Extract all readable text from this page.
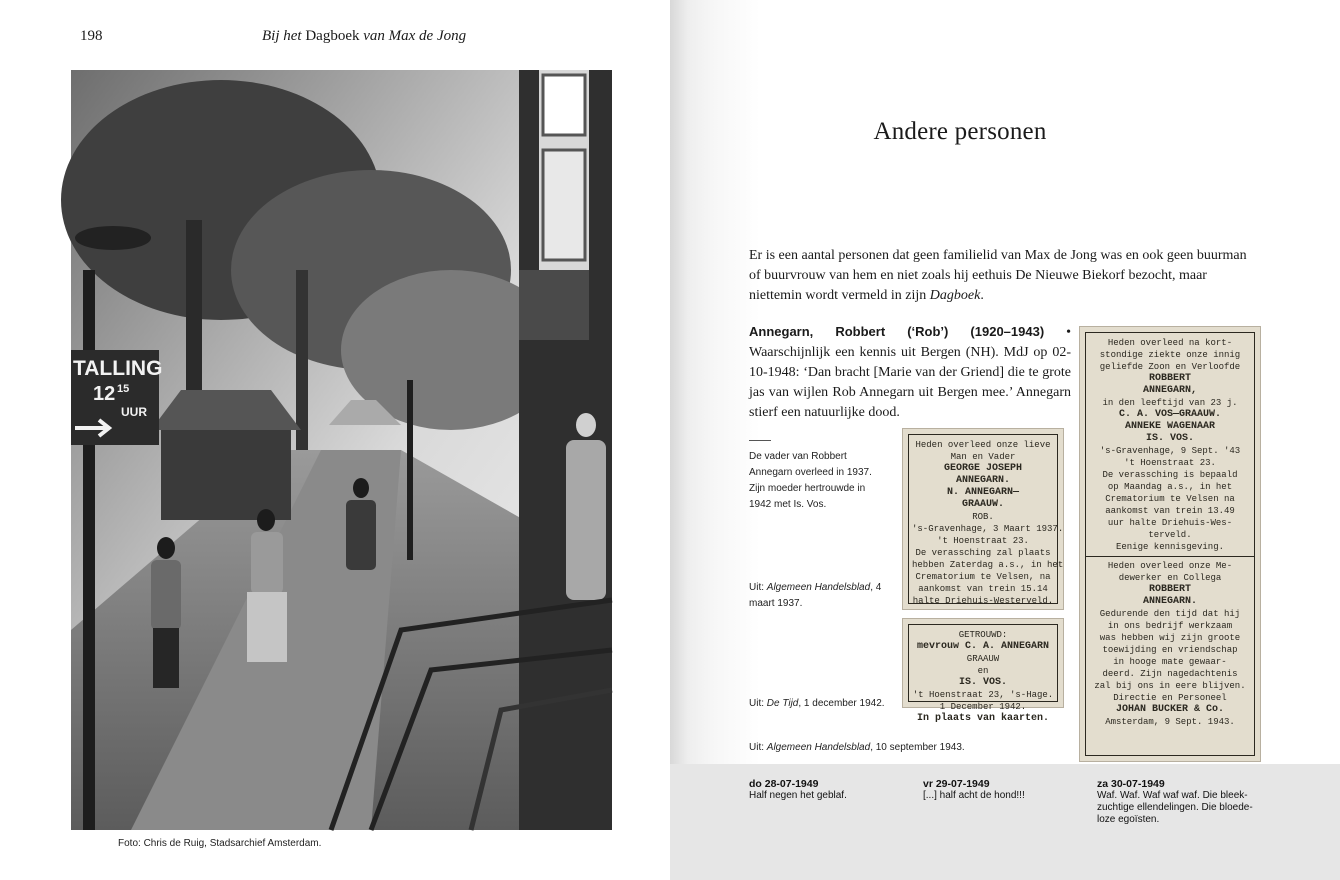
198	Bij het Dagboek van Max de Jong
TALLING
12 15
UUR
Foto: Chris de Ruig, Stadsarchief Amsterdam.
Andere personen

Er is een aantal personen dat geen familielid van Max de Jong was en ook geen buurman of buurvrouw van hem en niet zoals hij eethuis De Nieuwe Biekorf bezocht, maar niettemin wordt vermeld in zijn Dagboek.

Annegarn, Robbert (‘Rob’) (1920–1943) • Waarschijnlijk een kennis uit Bergen (NH). MdJ op 02-10-1948: ‘Dan bracht [Marie van der Griend] die te grote jas van wijlen Rob Annegarn uit Bergen mee.’ Annegarn stierf een natuurlijke dood.

De vader van Robbert Annegarn overleed in 1937. Zijn moeder hertrouwde in 1942 met Is. Vos.
Uit: Algemeen Handelsblad, 4 maart 1937.
Uit: De Tijd, 1 december 1942.
Uit: Algemeen Handelsblad, 10 september 1943.
Heden overleed onze lieve
Man en Vader
GEORGE JOSEPH
ANNEGARN.
N. ANNEGARN—
GRAAUW.
ROB.
's-Gravenhage, 3 Maart 1937.
't Hoenstraat 23.
De verassching zal plaats
hebben Zaterdag a.s., in het
Crematorium te Velsen, na
aankomst van trein 15.14
halte Driehuis-Westerveld.
GETROUWD:
mevrouw C. A. ANNEGARN
GRAAUW
en
IS. VOS.
't Hoenstraat 23, 's-Hage.
1 December 1942.
In plaats van kaarten.
Heden overleed na kort-
stondige ziekte onze innig
geliefde Zoon en Verloofde
ROBBERT
ANNEGARN,
in den leeftijd van 23 j.
C. A. VOS—GRAAUW.
ANNEKE WAGENAAR
IS. VOS.
's-Gravenhage, 9 Sept. '43
't Hoenstraat 23.
De verassching is bepaald
op Maandag a.s., in het
Crematorium te Velsen na
aankomst van trein 13.49
uur halte Driehuis-Wes-
terveld.
Eenige kennisgeving.
Heden overleed onze Me-
dewerker en Collega
ROBBERT
ANNEGARN.
Gedurende den tijd dat hij
in ons bedrijf werkzaam
was hebben wij zijn groote
toewijding en vriendschap
in hooge mate gewaar-
deerd. Zijn nagedachtenis
zal bij ons in eere blijven.
Directie en Personeel
JOHAN BUCKER & Co.
Amsterdam, 9 Sept. 1943.
do 28-07-1949
Half negen het geblaf.
vr 29-07-1949
[...] half acht de hond!!!
za 30-07-1949
Waf. Waf. Waf waf waf. Die bleek-zuchtige ellendelingen. Die bloede-loze egoïsten.
